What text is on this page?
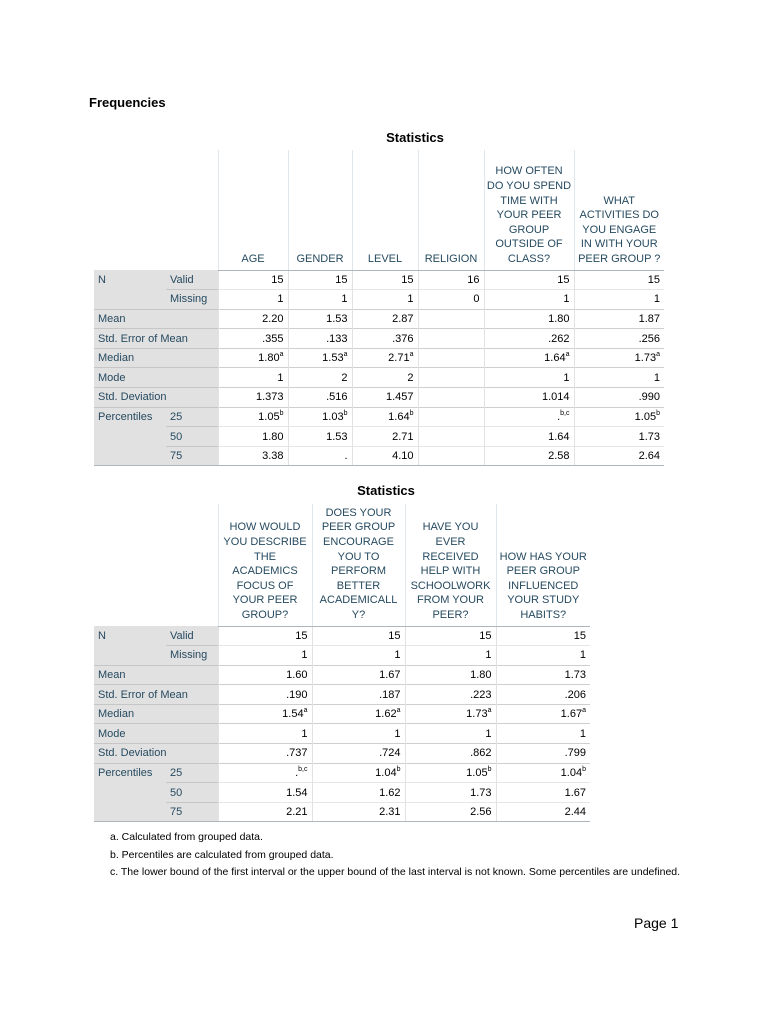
Frequencies
Statistics
		AGE	GENDER	LEVEL	RELIGION	HOW OFTEN DO YOU SPEND TIME WITH YOUR PEER GROUP OUTSIDE OF CLASS?	WHAT ACTIVITIES DO YOU ENGAGE IN WITH YOUR PEER GROUP ?
N	Valid	15	15	15	16	15	15
	Missing	1	1	1	0	1	1
Mean		2.20	1.53	2.87		1.80	1.87
Std. Error of Mean		.355	.133	.376		.262	.256
Median		1.80$^a$	1.53$^a$	2.71$^a$		1.64$^a$	1.73$^a$
Mode		1	2	2		1	1
Std. Deviation		1.373	.516	1.457		1.014	.990
Percentiles	25	1.05$^b$	1.03$^b$	1.64$^b$		.$^{b,c}$	1.05$^b$
	50	1.80	1.53	2.71		1.64	1.73
	75	3.38	.	4.10		2.58	2.64
Statistics
		HOW WOULD YOU DESCRIBE THE ACADEMICS FOCUS OF YOUR PEER GROUP?	DOES YOUR PEER GROUP ENCOURAGE YOU TO PERFORM BETTER ACADEMICALL Y?	HAVE YOU EVER RECEIVED HELP WITH SCHOOLWORK FROM YOUR PEER?	HOW HAS YOUR PEER GROUP INFLUENCED YOUR STUDY HABITS?
N	Valid	15	15	15	15
	Missing	1	1	1	1
Mean		1.60	1.67	1.80	1.73
Std. Error of Mean		.190	.187	.223	.206
Median		1.54$^a$	1.62$^a$	1.73$^a$	1.67$^a$
Mode		1	1	1	1
Std. Deviation		.737	.724	.862	.799
Percentiles	25	.$^{b,c}$	1.04$^b$	1.05$^b$	1.04$^b$
	50	1.54	1.62	1.73	1.67
	75	2.21	2.31	2.56	2.44
a. Calculated from grouped data.
b. Percentiles are calculated from grouped data.
c. The lower bound of the first interval or the upper bound of the last interval is not known. Some percentiles are undefined.
Page 1
